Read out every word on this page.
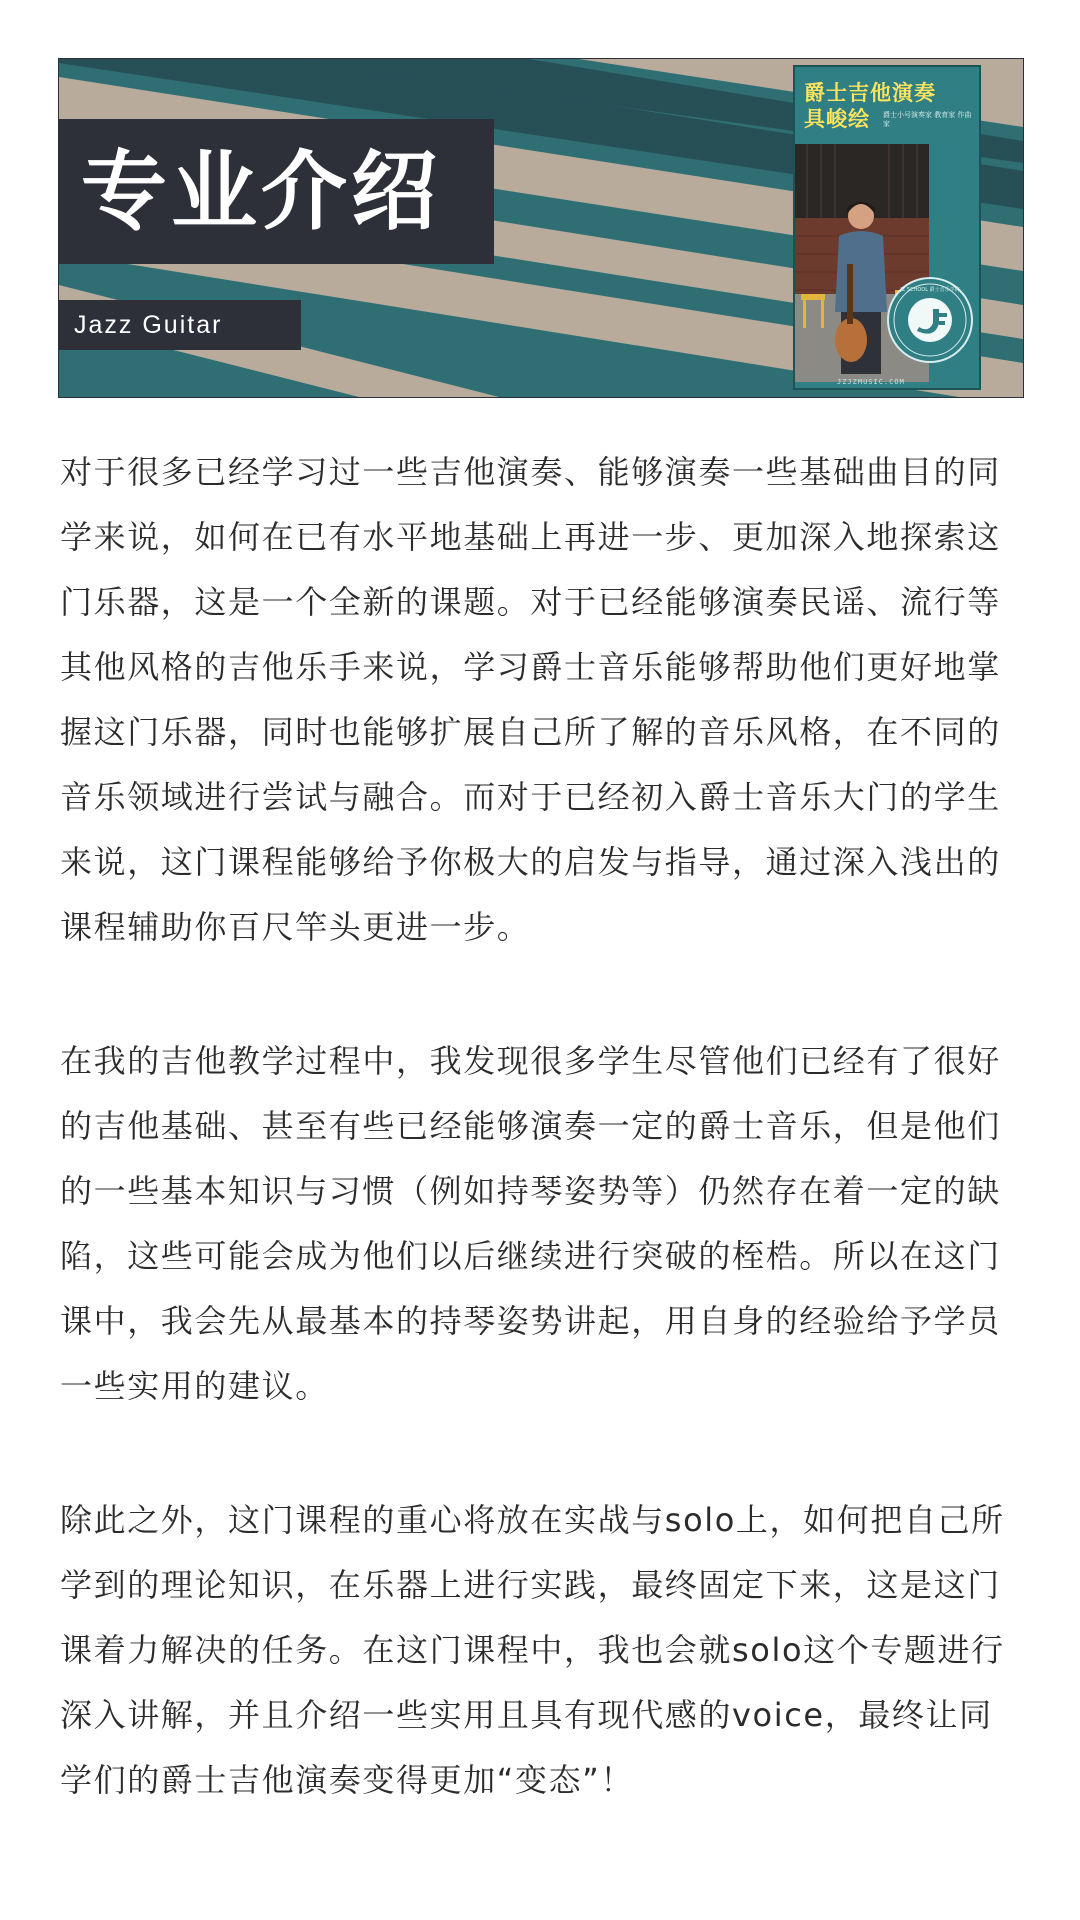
专业介绍
Jazz Guitar
爵士吉他演奏
具峻绘	爵士小号演奏家 教育家 作曲家
JZ SCHOOL 爵士音乐学院
JZJZMUSIC.COM

对于很多已经学习过一些吉他演奏、能够演奏一些基础曲目的同学来说，如何在已有水平地基础上再进一步、更加深入地探索这门乐器，这是一个全新的课题。对于已经能够演奏民谣、流行等其他风格的吉他乐手来说，学习爵士音乐能够帮助他们更好地掌握这门乐器，同时也能够扩展自己所了解的音乐风格，在不同的音乐领域进行尝试与融合。而对于已经初入爵士音乐大门的学生来说，这门课程能够给予你极大的启发与指导，通过深入浅出的课程辅助你百尺竿头更进一步。

在我的吉他教学过程中，我发现很多学生尽管他们已经有了很好的吉他基础、甚至有些已经能够演奏一定的爵士音乐，但是他们的一些基本知识与习惯（例如持琴姿势等）仍然存在着一定的缺陷，这些可能会成为他们以后继续进行突破的桎梏。所以在这门课中，我会先从最基本的持琴姿势讲起，用自身的经验给予学员一些实用的建议。

除此之外，这门课程的重心将放在实战与solo上，如何把自己所学到的理论知识，在乐器上进行实践，最终固定下来，这是这门课着力解决的任务。在这门课程中，我也会就solo这个专题进行深入讲解，并且介绍一些实用且具有现代感的voice，最终让同学们的爵士吉他演奏变得更加“变态”！
